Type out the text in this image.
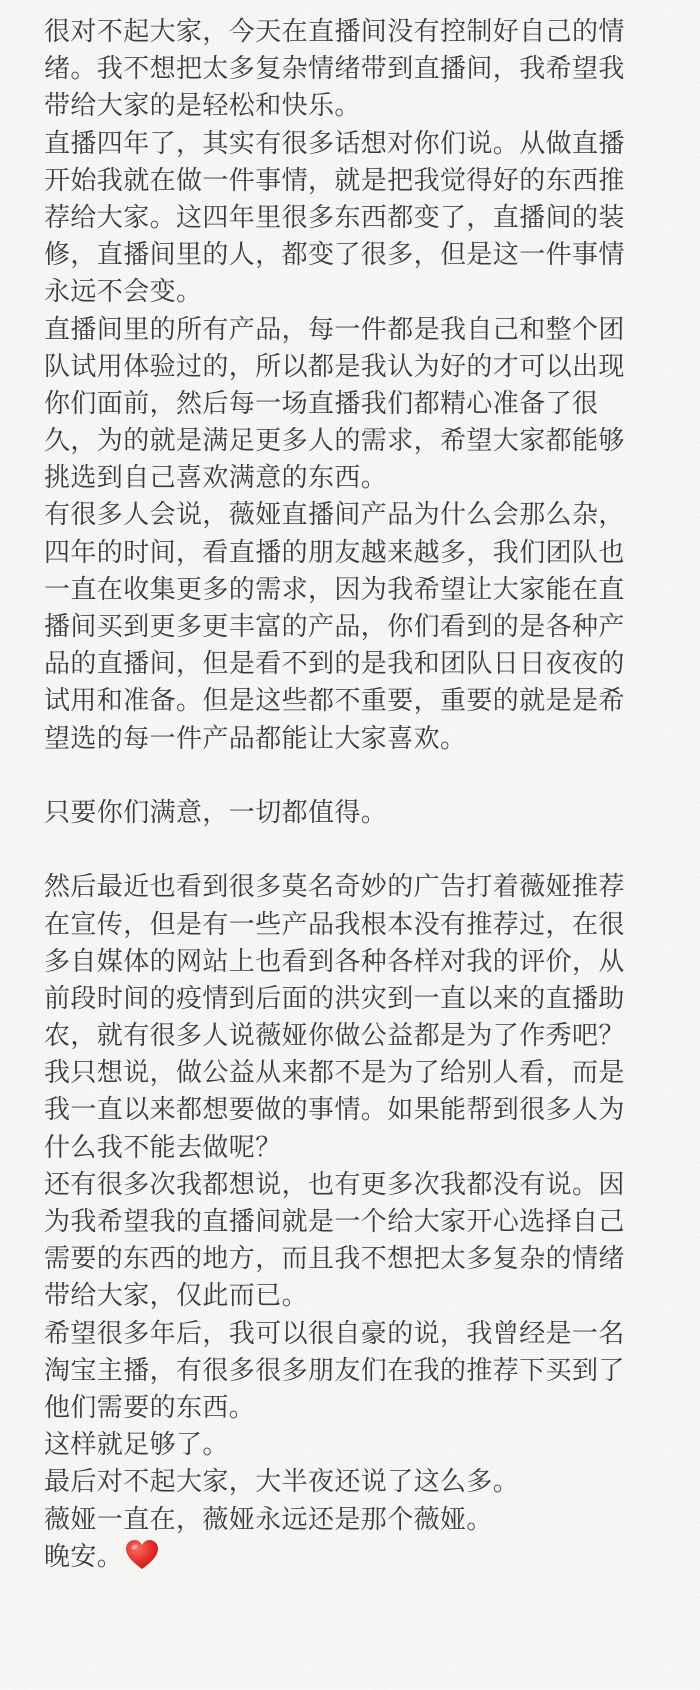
很对不起大家，今天在直播间没有控制好自己的情
绪。我不想把太多复杂情绪带到直播间，我希望我
带给大家的是轻松和快乐。
直播四年了，其实有很多话想对你们说。从做直播
开始我就在做一件事情，就是把我觉得好的东西推
荐给大家。这四年里很多东西都变了，直播间的装
修，直播间里的人，都变了很多，但是这一件事情
永远不会变。
直播间里的所有产品，每一件都是我自己和整个团
队试用体验过的，所以都是我认为好的才可以出现
你们面前，然后每一场直播我们都精心准备了很
久，为的就是满足更多人的需求，希望大家都能够
挑选到自己喜欢满意的东西。
有很多人会说，薇娅直播间产品为什么会那么杂，
四年的时间，看直播的朋友越来越多，我们团队也
一直在收集更多的需求，因为我希望让大家能在直
播间买到更多更丰富的产品，你们看到的是各种产
品的直播间，但是看不到的是我和团队日日夜夜的
试用和准备。但是这些都不重要，重要的就是是希
望选的每一件产品都能让大家喜欢。
只要你们满意，一切都值得。
然后最近也看到很多莫名奇妙的广告打着薇娅推荐
在宣传，但是有一些产品我根本没有推荐过，在很
多自媒体的网站上也看到各种各样对我的评价，从
前段时间的疫情到后面的洪灾到一直以来的直播助
农，就有很多人说薇娅你做公益都是为了作秀吧？
我只想说，做公益从来都不是为了给别人看，而是
我一直以来都想要做的事情。如果能帮到很多人为
什么我不能去做呢？
还有很多次我都想说，也有更多次我都没有说。因
为我希望我的直播间就是一个给大家开心选择自己
需要的东西的地方，而且我不想把太多复杂的情绪
带给大家，仅此而已。
希望很多年后，我可以很自豪的说，我曾经是一名
淘宝主播，有很多很多朋友们在我的推荐下买到了
他们需要的东西。
这样就足够了。
最后对不起大家，大半夜还说了这么多。
薇娅一直在，薇娅永远还是那个薇娅。
晚安。
